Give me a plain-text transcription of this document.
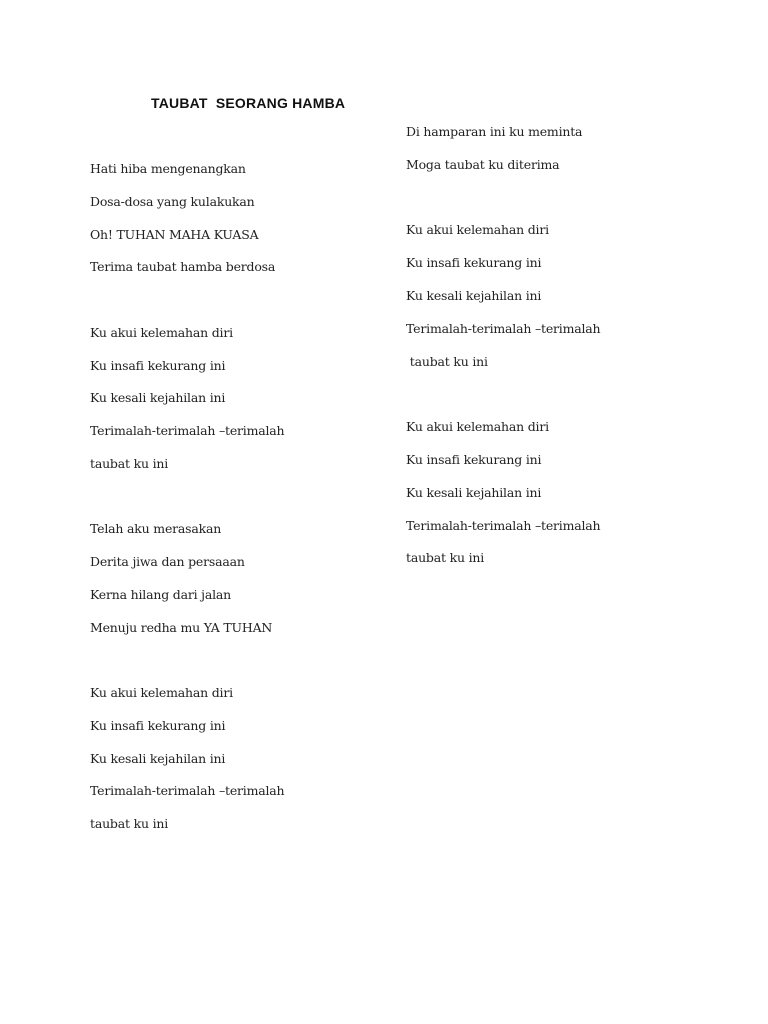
TAUBAT  SEORANG HAMBA
Hati hiba mengenangkan
Dosa-dosa yang kulakukan
Oh! TUHAN MAHA KUASA
Terima taubat hamba berdosa
Ku akui kelemahan diri
Ku insafi kekurang ini
Ku kesali kejahilan ini
Terimalah-terimalah –terimalah
taubat ku ini
Telah aku merasakan
Derita jiwa dan persaaan
Kerna hilang dari jalan
Menuju redha mu YA TUHAN
Ku akui kelemahan diri
Ku insafi kekurang ini
Ku kesali kejahilan ini
Terimalah-terimalah –terimalah
taubat ku ini
Di hamparan ini ku meminta
Moga taubat ku diterima
Ku akui kelemahan diri
Ku insafi kekurang ini
Ku kesali kejahilan ini
Terimalah-terimalah –terimalah
taubat ku ini
Ku akui kelemahan diri
Ku insafi kekurang ini
Ku kesali kejahilan ini
Terimalah-terimalah –terimalah
taubat ku ini
